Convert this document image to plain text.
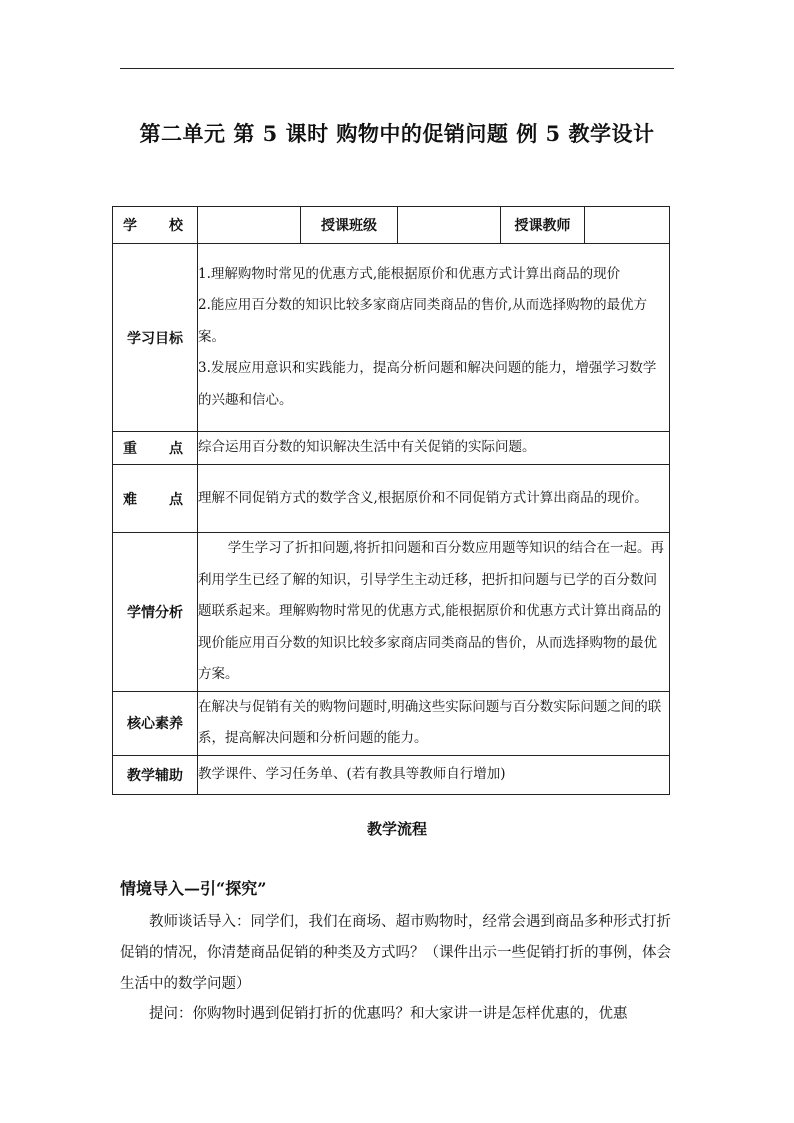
第二单元 第 5 课时 购物中的促销问题 例 5 教学设计
学 校		授课班级		授课教师	
学习目标	1.理解购物时常见的优惠方式,能根据原价和优惠方式计算出商品的现价

2.能应用百分数的知识比较多家商店同类商品的售价,从而选择购物的最优方案。

3.发展应用意识和实践能力，提高分析问题和解决问题的能力，增强学习数学的兴趣和信心。				

重 点	综合运用百分数的知识解决生活中有关促销的实际问题。				
难 点	理解不同促销方式的数学含义,根据原价和不同促销方式计算出商品的现价。				
学情分析	学生学习了折扣问题,将折扣问题和百分数应用题等知识的结合在一起。再利用学生已经了解的知识，引导学生主动迁移，把折扣问题与已学的百分数问题联系起来。理解购物时常见的优惠方式,能根据原价和优惠方式计算出商品的现价能应用百分数的知识比较多家商店同类商品的售价，从而选择购物的最优方案。				
核心素养	在解决与促销有关的购物问题时,明确这些实际问题与百分数实际问题之间的联系，提高解决问题和分析问题的能力。				
教学辅助	教学课件、学习任务单、(若有教具等教师自行增加)				
教学流程
情境导入—引“探究”
教师谈话导入：同学们，我们在商场、超市购物时，经常会遇到商品多种形式打折促销的情况，你清楚商品促销的种类及方式吗？（课件出示一些促销打折的事例，体会生活中的数学问题）
提问：你购物时遇到促销打折的优惠吗？和大家讲一讲是怎样优惠的，优惠
